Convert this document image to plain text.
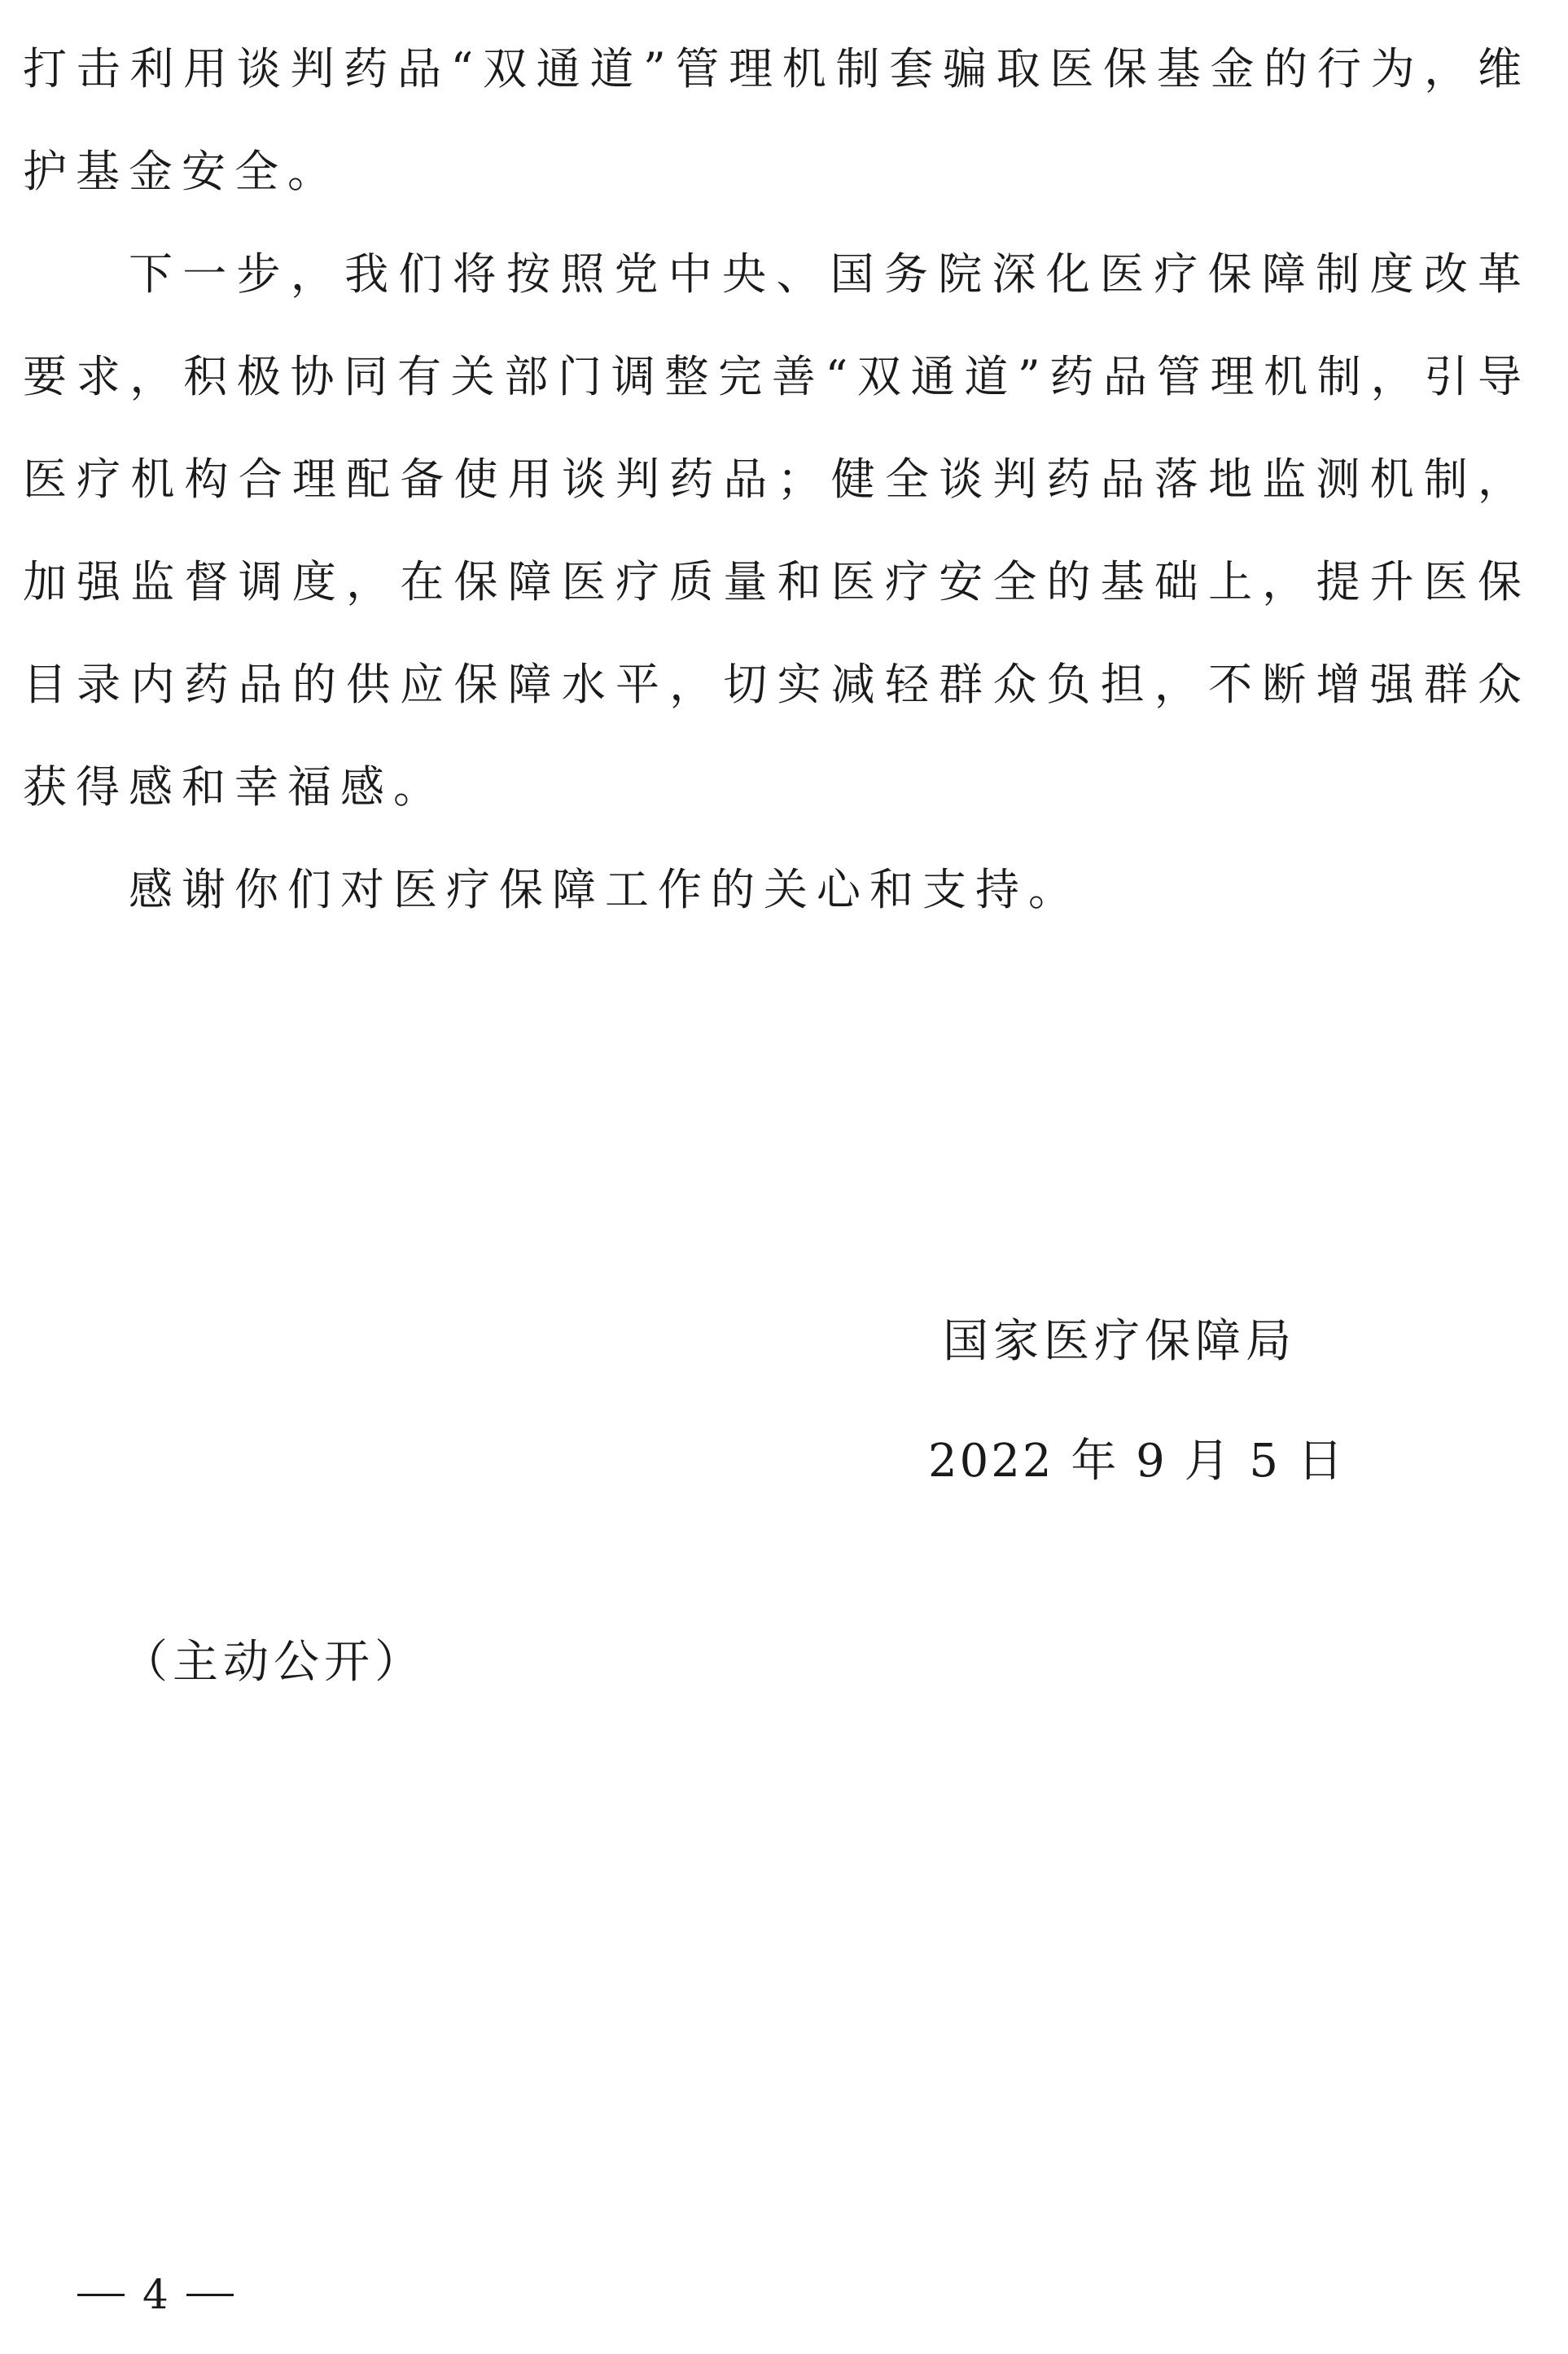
打击利用谈判药品“双通道”管理机制套骗取医保基金的行为，维护基金安全。

下一步，我们将按照党中央、国务院深化医疗保障制度改革要求，积极协同有关部门调整完善“双通道”药品管理机制，引导医疗机构合理配备使用谈判药品；健全谈判药品落地监测机制，加强监督调度，在保障医疗质量和医疗安全的基础上，提升医保目录内药品的供应保障水平，切实减轻群众负担，不断增强群众获得感和幸福感。

感谢你们对医疗保障工作的关心和支持。

国家医疗保障局
2022 年 9 月 5 日
（主动公开）
4
